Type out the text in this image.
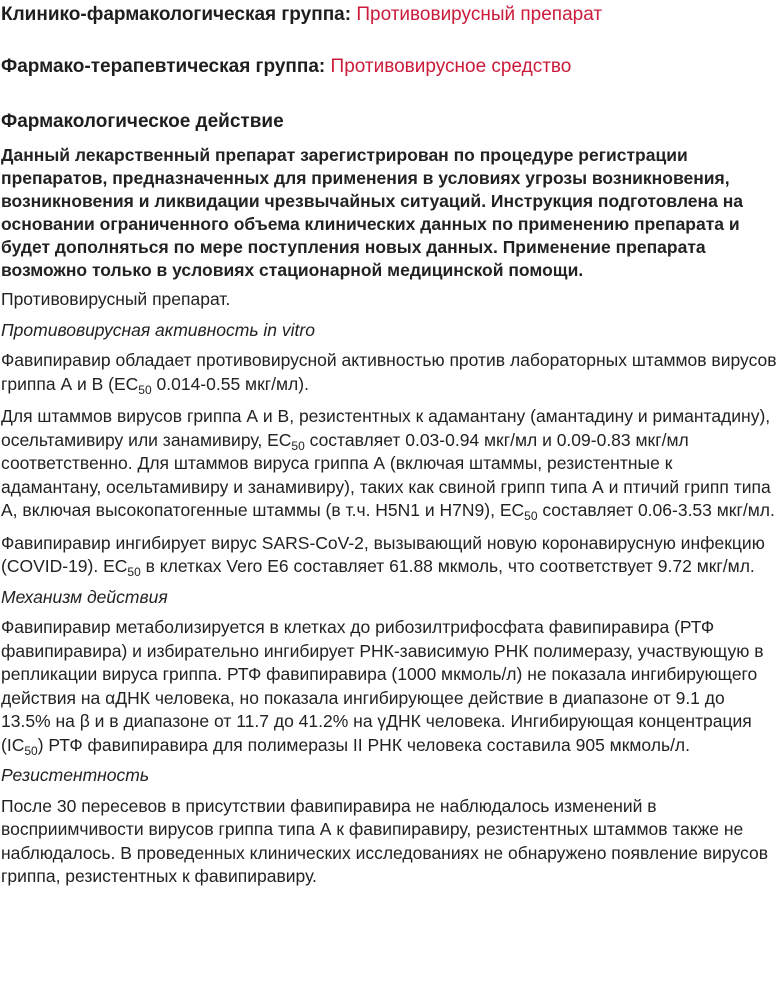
Клинико-фармакологическая группа: Противовирусный препарат
Фармако-терапевтическая группа: Противовирусное средство
Фармакологическое действие

Данный лекарственный препарат зарегистрирован по процедуре регистрации препаратов, предназначенных для применения в условиях угрозы возникновения, возникновения и ликвидации чрезвычайных ситуаций. Инструкция подготовлена на основании ограниченного объема клинических данных по применению препарата и будет дополняться по мере поступления новых данных. Применение препарата возможно только в условиях стационарной медицинской помощи.

Противовирусный препарат.

Противовирусная активность in vitro

Фавипиравир обладает противовирусной активностью против лабораторных штаммов вирусов гриппа А и В ($EC_{50}$ 0.014-0.55 мкг/мл).

Для штаммов вирусов гриппа А и В, резистентных к адамантану (амантадину и римантадину), осельтамивиру или занамивиру, $EC_{50}$ составляет 0.03-0.94 мкг/мл и 0.09-0.83 мкг/мл соответственно. Для штаммов вируса гриппа А (включая штаммы, резистентные к адамантану, осельтамивиру и занамивиру), таких как свиной грипп типа А и птичий грипп типа А, включая высокопатогенные штаммы (в т.ч. H5N1 и H7N9), $EC_{50}$ составляет 0.06-3.53 мкг/мл.

Фавипиравир ингибирует вирус SARS-CoV-2, вызывающий новую коронавирусную инфекцию (COVID-19). $EC_{50}$ в клетках Vero E6 составляет 61.88 мкмоль, что соответствует 9.72 мкг/мл.

Механизм действия

Фавипиравир метаболизируется в клетках до рибозилтрифосфата фавипиравира (РТФ фавипиравира) и избирательно ингибирует РНК-зависимую РНК полимеразу, участвующую в репликации вируса гриппа. РТФ фавипиравира (1000 мкмоль/л) не показала ингибирующего действия на αДНК человека, но показала ингибирующее действие в диапазоне от 9.1 до 13.5% на β и в диапазоне от 11.7 до 41.2% на γДНК человека. Ингибирующая концентрация $(IC_{50})$ РТФ фавипиравира для полимеразы II РНК человека составила 905 мкмоль/л.

Резистентность

После 30 пересевов в присутствии фавипиравира не наблюдалось изменений в восприимчивости вирусов гриппа типа А к фавипиравиру, резистентных штаммов также не наблюдалось. В проведенных клинических исследованиях не обнаружено появление вирусов гриппа, резистентных к фавипиравиру.
